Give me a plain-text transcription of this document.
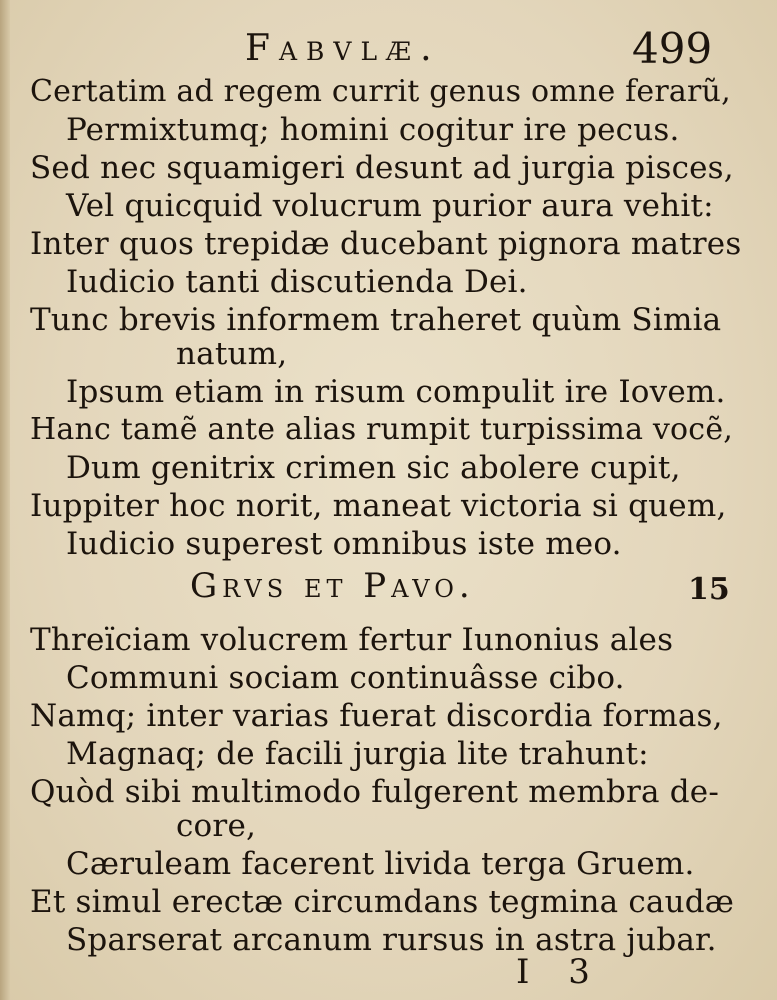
Fabvlæ.	499
Certatim ad regem currit genus omne ferarũ,
Permixtumq; homini cogitur ire pecus.
Sed nec squamigeri desunt ad jurgia pisces,
Vel quicquid volucrum purior aura vehit:
Inter quos trepidæ ducebant pignora matres
Iudicio tanti discutienda Dei.
Tunc brevis informem traheret quùm Simia
natum,
Ipsum etiam in risum compulit ire Iovem.
Hanc tamẽ ante alias rumpit turpissima vocẽ,
Dum genitrix crimen sic abolere cupit,
Iuppiter hoc norit, maneat victoria si quem,
Iudicio superest omnibus iste meo.
Grvs et Pavo.	15
Threïciam volucrem fertur Iunonius ales
Communi sociam continuâsse cibo.
Namq; inter varias fuerat discordia formas,
Magnaq; de facili jurgia lite trahunt:
Quòd sibi multimodo fulgerent membra de-
core,
Cæruleam facerent livida terga Gruem.
Et simul erectæ circumdans tegmina caudæ
Sparserat arcanum rursus in astra jubar.
I 3
